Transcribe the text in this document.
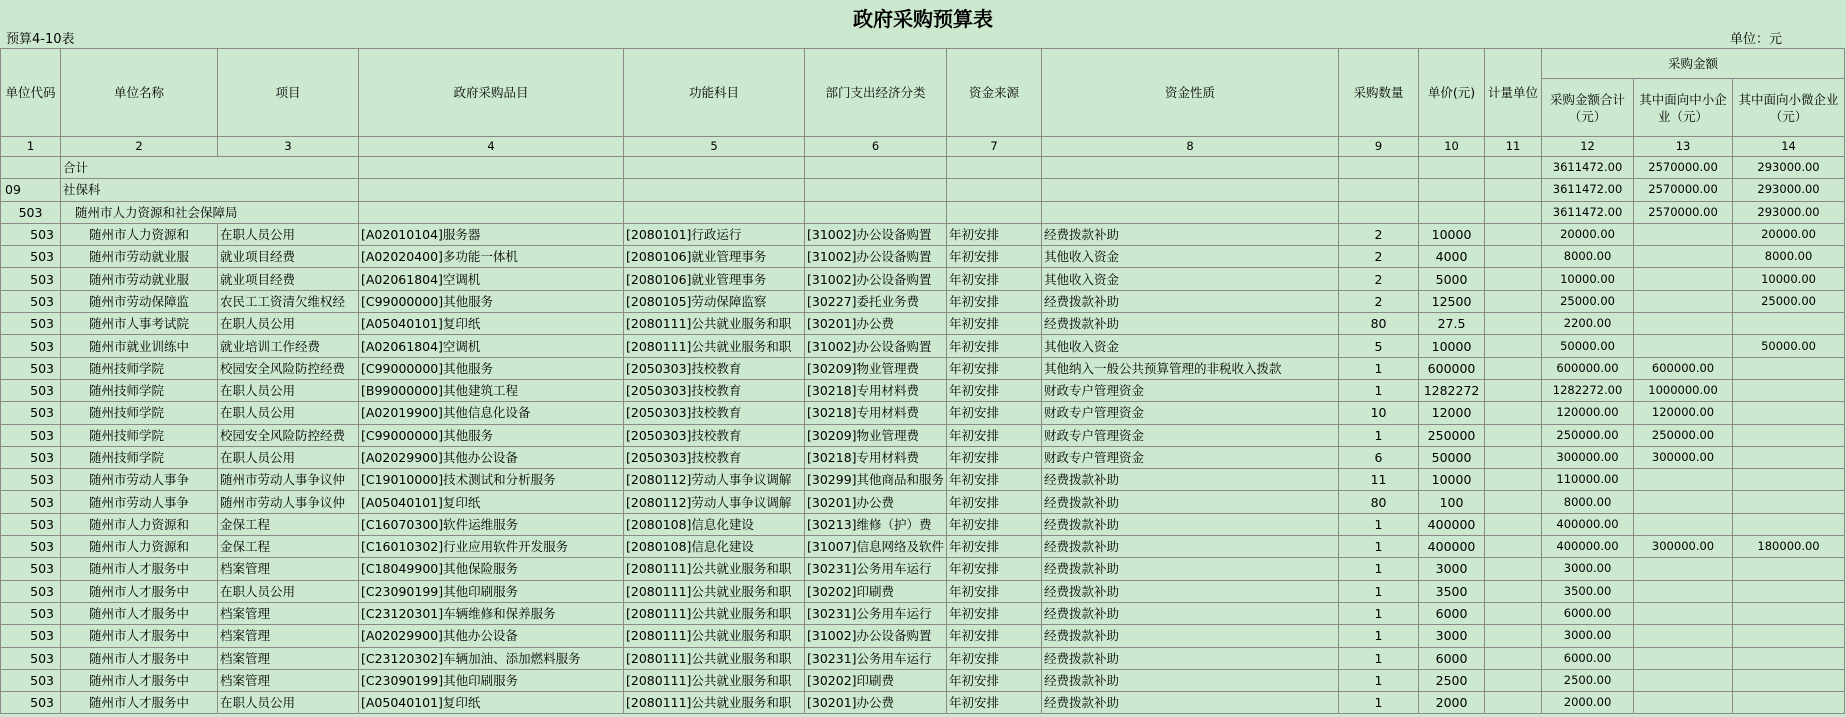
政府采购预算表
预算4-10表	单位：元
单位代码	单位名称	项目	政府采购品目	功能科目	部门支出经济分类	资金来源	资金性质	采购数量	单价(元)	计量单位	采购金额		
											采购金额合计（元）	其中面向中小企业（元）	其中面向小微企业（元）
1	2	3	4	5	6	7	8	9	10	11	12	13	14
	合计										3611472.00	2570000.00	293000.00
09	社保科										3611472.00	2570000.00	293000.00
503	随州市人力资源和社会保障局										3611472.00	2570000.00	293000.00
503	随州市人力资源和	在职人员公用	[A02010104]服务器	[2080101]行政运行	[31002]办公设备购置	年初安排	经费拨款补助	2	10000		20000.00		20000.00
503	随州市劳动就业服	就业项目经费	[A02020400]多功能一体机	[2080106]就业管理事务	[31002]办公设备购置	年初安排	其他收入资金	2	4000		8000.00		8000.00
503	随州市劳动就业服	就业项目经费	[A02061804]空调机	[2080106]就业管理事务	[31002]办公设备购置	年初安排	其他收入资金	2	5000		10000.00		10000.00
503	随州市劳动保障监	农民工工资清欠维权经	[C99000000]其他服务	[2080105]劳动保障监察	[30227]委托业务费	年初安排	经费拨款补助	2	12500		25000.00		25000.00
503	随州市人事考试院	在职人员公用	[A05040101]复印纸	[2080111]公共就业服务和职	[30201]办公费	年初安排	经费拨款补助	80	27.5		2200.00		
503	随州市就业训练中	就业培训工作经费	[A02061804]空调机	[2080111]公共就业服务和职	[31002]办公设备购置	年初安排	其他收入资金	5	10000		50000.00		50000.00
503	随州技师学院	校园安全风险防控经费	[C99000000]其他服务	[2050303]技校教育	[30209]物业管理费	年初安排	其他纳入一般公共预算管理的非税收入拨款	1	600000		600000.00	600000.00	
503	随州技师学院	在职人员公用	[B99000000]其他建筑工程	[2050303]技校教育	[30218]专用材料费	年初安排	财政专户管理资金	1	1282272		1282272.00	1000000.00	
503	随州技师学院	在职人员公用	[A02019900]其他信息化设备	[2050303]技校教育	[30218]专用材料费	年初安排	财政专户管理资金	10	12000		120000.00	120000.00	
503	随州技师学院	校园安全风险防控经费	[C99000000]其他服务	[2050303]技校教育	[30209]物业管理费	年初安排	财政专户管理资金	1	250000		250000.00	250000.00	
503	随州技师学院	在职人员公用	[A02029900]其他办公设备	[2050303]技校教育	[30218]专用材料费	年初安排	财政专户管理资金	6	50000		300000.00	300000.00	
503	随州市劳动人事争	随州市劳动人事争议仲	[C19010000]技术测试和分析服务	[2080112]劳动人事争议调解	[30299]其他商品和服务	年初安排	经费拨款补助	11	10000		110000.00		
503	随州市劳动人事争	随州市劳动人事争议仲	[A05040101]复印纸	[2080112]劳动人事争议调解	[30201]办公费	年初安排	经费拨款补助	80	100		8000.00		
503	随州市人力资源和	金保工程	[C16070300]软件运维服务	[2080108]信息化建设	[30213]维修（护）费	年初安排	经费拨款补助	1	400000		400000.00		
503	随州市人力资源和	金保工程	[C16010302]行业应用软件开发服务	[2080108]信息化建设	[31007]信息网络及软件	年初安排	经费拨款补助	1	400000		400000.00	300000.00	180000.00
503	随州市人才服务中	档案管理	[C18049900]其他保险服务	[2080111]公共就业服务和职	[30231]公务用车运行	年初安排	经费拨款补助	1	3000		3000.00		
503	随州市人才服务中	在职人员公用	[C23090199]其他印刷服务	[2080111]公共就业服务和职	[30202]印刷费	年初安排	经费拨款补助	1	3500		3500.00		
503	随州市人才服务中	档案管理	[C23120301]车辆维修和保养服务	[2080111]公共就业服务和职	[30231]公务用车运行	年初安排	经费拨款补助	1	6000		6000.00		
503	随州市人才服务中	档案管理	[A02029900]其他办公设备	[2080111]公共就业服务和职	[31002]办公设备购置	年初安排	经费拨款补助	1	3000		3000.00		
503	随州市人才服务中	档案管理	[C23120302]车辆加油、添加燃料服务	[2080111]公共就业服务和职	[30231]公务用车运行	年初安排	经费拨款补助	1	6000		6000.00		
503	随州市人才服务中	档案管理	[C23090199]其他印刷服务	[2080111]公共就业服务和职	[30202]印刷费	年初安排	经费拨款补助	1	2500		2500.00		
503	随州市人才服务中	在职人员公用	[A05040101]复印纸	[2080111]公共就业服务和职	[30201]办公费	年初安排	经费拨款补助	1	2000		2000.00		
